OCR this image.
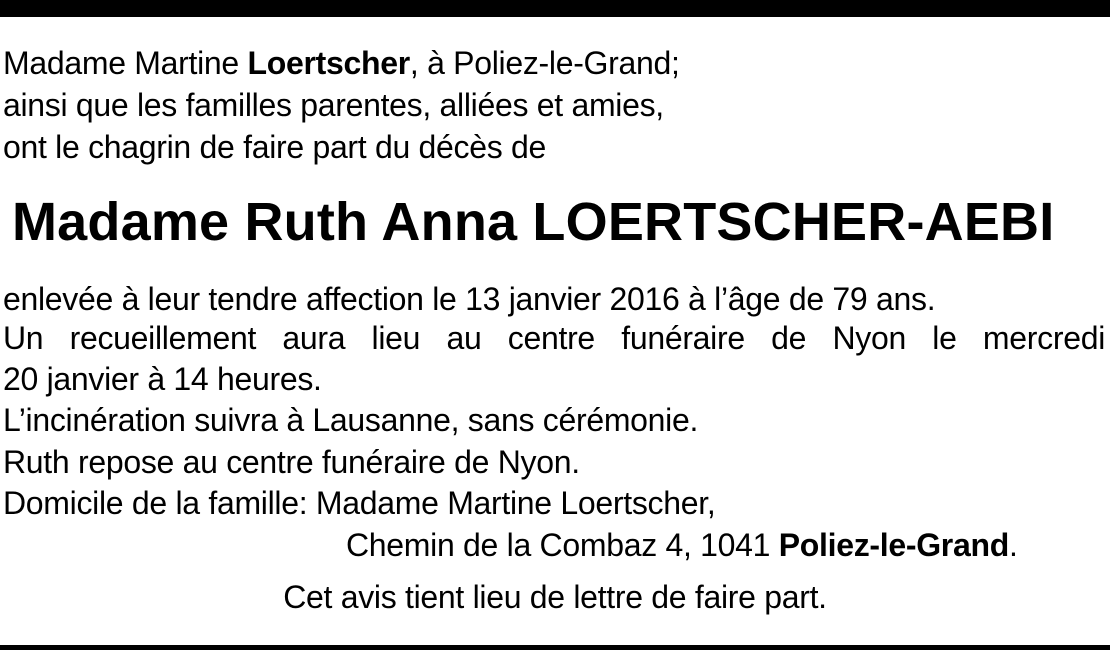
Madame Martine Loertscher, à Poliez-le-Grand;
ainsi que les familles parentes, alliées et amies,
ont le chagrin de faire part du décès de
Madame Ruth Anna LOERTSCHER-AEBI
enlevée à leur tendre affection le 13 janvier 2016 à l’âge de 79 ans.
Un recueillement aura lieu au centre funéraire de Nyon le mercredi
20 janvier à 14 heures.
L’incinération suivra à Lausanne, sans cérémonie.
Ruth repose au centre funéraire de Nyon.
Domicile de la famille: Madame Martine Loertscher,
Chemin de la Combaz 4, 1041 Poliez-le-Grand.
Cet avis tient lieu de lettre de faire part.
